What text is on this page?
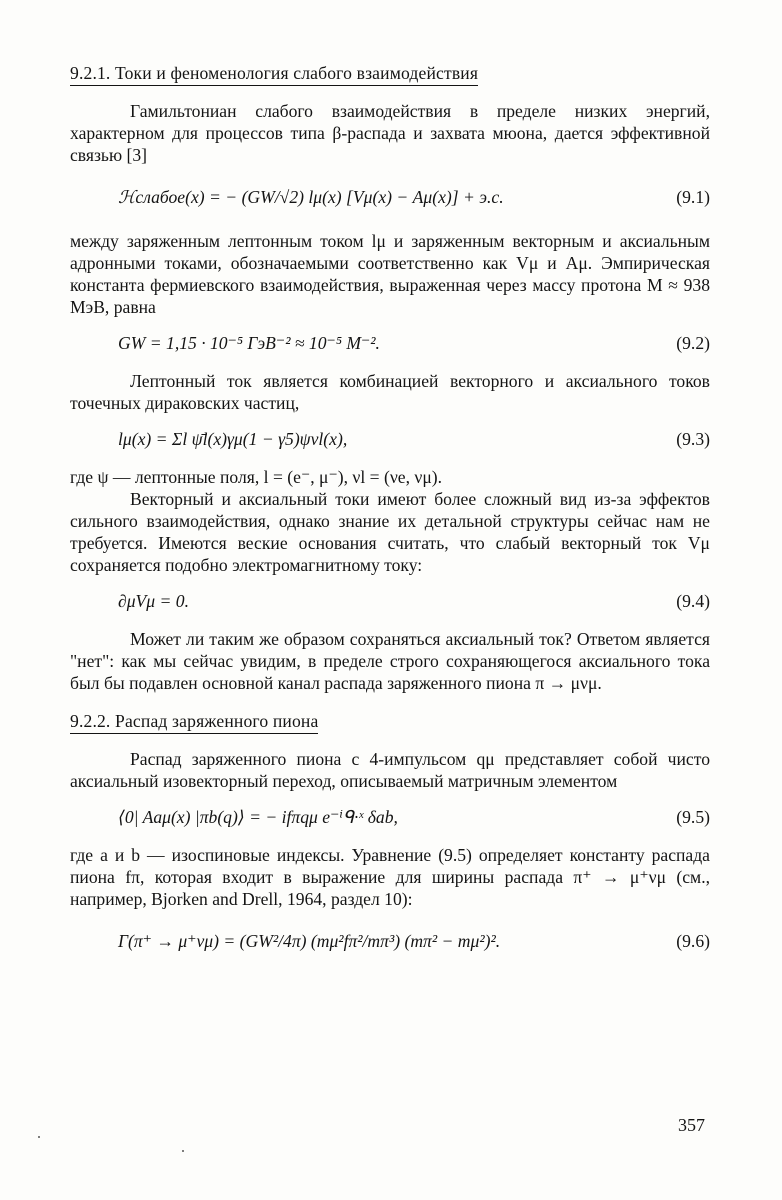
9.2.1. Токи и феноменология слабого взаимодействия

Гамильтониан слабого взаимодействия в пределе низких энергий, характерном для процессов типа β-распада и захвата мюона, дается эффективной связью [3]

ℋслабое(x) = − (GW/√2) lμ(x) [Vμ(x) − Aμ(x)] + э.с.	(9.1)

между заряженным лептонным током lμ и заряженным векторным и аксиальным адронными токами, обозначаемыми соответственно как Vμ и Aμ. Эмпирическая константа фермиевского взаимодействия, выраженная через массу протона M ≈ 938 МэВ, равна

GW = 1,15 · 10⁻⁵ ГэВ⁻² ≈ 10⁻⁵ M⁻².	(9.2)

Лептонный ток является комбинацией векторного и аксиального токов точечных дираковских частиц,

lμ(x) = Σl ψ̄l(x)γμ(1 − γ5)ψνl(x),	(9.3)

где ψ — лептонные поля, l = (e⁻, μ⁻), νl = (νe, νμ).

Векторный и аксиальный токи имеют более сложный вид из-за эффектов сильного взаимодействия, однако знание их детальной структуры сейчас нам не требуется. Имеются веские основания считать, что слабый векторный ток Vμ сохраняется подобно электромагнитному току:

∂μVμ = 0.	(9.4)

Может ли таким же образом сохраняться аксиальный ток? Ответом является "нет": как мы сейчас увидим, в пределе строго сохраняющегося аксиального тока был бы подавлен основной канал распада заряженного пиона π → μνμ.

9.2.2. Распад заряженного пиона

Распад заряженного пиона с 4-импульсом qμ представляет собой чисто аксиальный изовекторный переход, описываемый матричным элементом

⟨0| Aaμ(x) |πb(q)⟩ = − ifπqμ e⁻ⁱᑫ·ˣ δab,	(9.5)

где a и b — изоспиновые индексы. Уравнение (9.5) определяет константу распада пиона fπ, которая входит в выражение для ширины распада π⁺ → μ⁺νμ (см., например, Bjorken and Drell, 1964, раздел 10):

Γ(π⁺ → μ⁺νμ) = (GW²/4π) (mμ²fπ²/mπ³) (mπ² − mμ²)².	(9.6)
357
